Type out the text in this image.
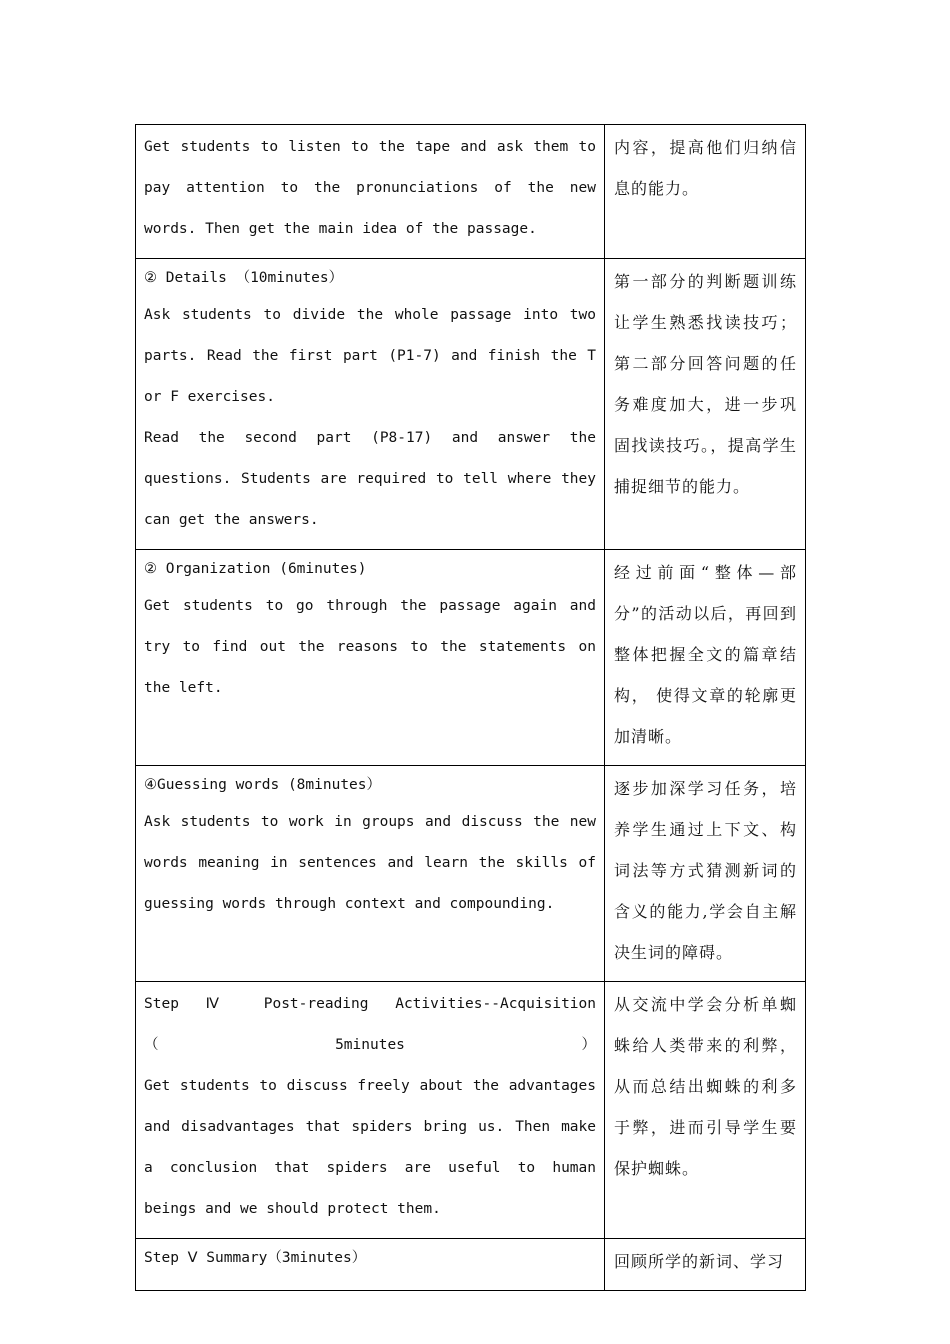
Get students to listen to the tape and ask them to pay attention to the pronunciations of the new words. Then get the main idea of the passage.	内容，提高他们归纳信息的能力。

② Details （10minutes）
Ask students to divide the whole passage into two parts. Read the first part (P1-7) and finish the T or F exercises.
Read the second part (P8-17) and answer the questions. Students are required to tell where they can get the answers.	第一部分的判断题训练让学生熟悉找读技巧；第二部分回答问题的任务难度加大，进一步巩固找读技巧。，提高学生捕捉细节的能力。

② Organization (6minutes)
Get students to go through the passage again and try to find out the reasons to the statements on the left.	经过前面“整体—部分”的活动以后，再回到整体把握全文的篇章结构， 使得文章的轮廓更加清晰。

④Guessing words (8minutes）
Ask students to work in groups and discuss the new words meaning in sentences and learn the skills of guessing words through context and compounding.	逐步加深学习任务，培养学生通过上下文、构词法等方式猜测新词的含义的能力,学会自主解决生词的障碍。

Step Ⅳ Post-reading Activities--Acquisition（5minutes）
Get students to discuss freely about the advantages and disadvantages that spiders bring us. Then make a conclusion that spiders are useful to human beings and we should protect them.	从交流中学会分析单蜘蛛给人类带来的利弊，从而总结出蜘蛛的利多于弊，进而引导学生要保护蜘蛛。

Step Ⅴ Summary（3minutes）	回顾所学的新词、学习
